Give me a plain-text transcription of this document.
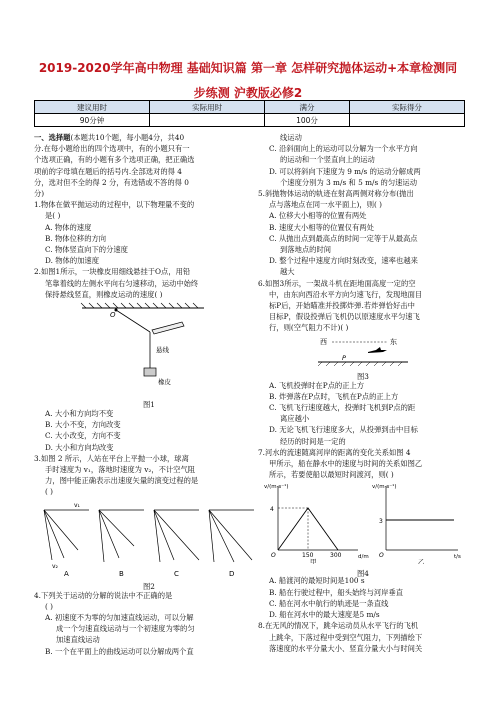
2019-2020学年高中物理 基础知识篇 第一章 怎样研究抛体运动+本章检测同
步练测 沪教版必修2
建议用时	实际用时	满分	实际得分
90分钟		100分	

一、选择题(本题共10个题，每小题4分，共40

分.在每小题给出的四个选项中，有的小题只有一

个选项正确，有的小题有多个选项正确，把正确选

项前的字母填在题后的括号内.全部选对的得 4

分，选对但不全的得 2 分，有选错或不答的得 0

分)

1.物体在做平抛运动的过程中，以下物理量不变的

是( )

A. 物体的速度

B. 物体位移的方向

C. 物体竖直向下的分速度

D. 物体的加速度

2.如图1所示，一块橡皮用细线悬挂于O点，用铅

笔靠着线的左侧水平向右匀速移动，运动中始终

保持悬线竖直，则橡皮运动的速度( )

O
悬线
橡皮

图1

A. 大小和方向均不变

B. 大小不变，方向改变

C. 大小改变，方向不变

D. 大小和方向均改变

3.如图 2 所示，人站在平台上平抛一小球，球离

手时速度为 v₁，落地时速度为 v₂，不计空气阻

力，图中能正确表示出速度矢量的演变过程的是

( )

v₁
v₂
A	B	C	D

图2

4.下列关于运动的分解的说法中不正确的是

( )

A. 初速度不为零的匀加速直线运动，可以分解

成一个匀速直线运动与一个初速度为零的匀

加速直线运动

B. 一个在平面上的曲线运动可以分解成两个直

线运动

C. 沿斜面向上的运动可以分解为一个水平方向

的运动和一个竖直向上的运动

D. 可以将斜向下速度为 9 m/s 的运动分解成两

个速度分别为 3 m/s 和 5 m/s 的匀速运动

5.斜抛物体运动的轨迹在射高两侧对称分布(抛出

点与落地点在同一水平面上)，则( )

A. 位移大小相等的位置有两处

B. 速度大小相等的位置仅有两处

C. 从抛出点到最高点的时间一定等于从最高点

到落地点的时间

D. 整个过程中速度方向时刻改变，速率也越来

越大

6.如图3所示，一架战斗机在距地面高度一定的空

中，由东向西沿水平方向匀速飞行，发现地面目

标P后，开始瞄准并投掷炸弹.若炸弹恰好击中

目标P，假设投弹后飞机仍以原速度水平匀速飞

行，则(空气阻力不计)( )

西	东
P

图3

A. 飞机投弹时在P点的正上方

B. 炸弹落在P点时，飞机在P点的正上方

C. 飞机飞行速度越大，投弹时飞机到P点的距

离应越小

D. 无论飞机飞行速度多大，从投弹到击中目标

经历的时间是一定的

7.河水的流速随离河岸的距离的变化关系如图 4

甲所示，船在静水中的速度与时间的关系如图乙

所示，若要使船以最短时间渡河，则( )

v/(m·s⁻¹)
d/m
4
O	150	300
甲
v/(m·s⁻¹)
t/s
3
O
乙

图4

A. 船渡河的最短时间是100 s

B. 船在行驶过程中，船头始终与河岸垂直

C. 船在河水中航行的轨迹是一条直线

D. 船在河水中的最大速度是5 m/s

8.在无风的情况下，跳伞运动员从水平飞行的飞机

上跳伞，下落过程中受到空气阻力，下列描绘下

落速度的水平分量大小、竖直分量大小与时间关
